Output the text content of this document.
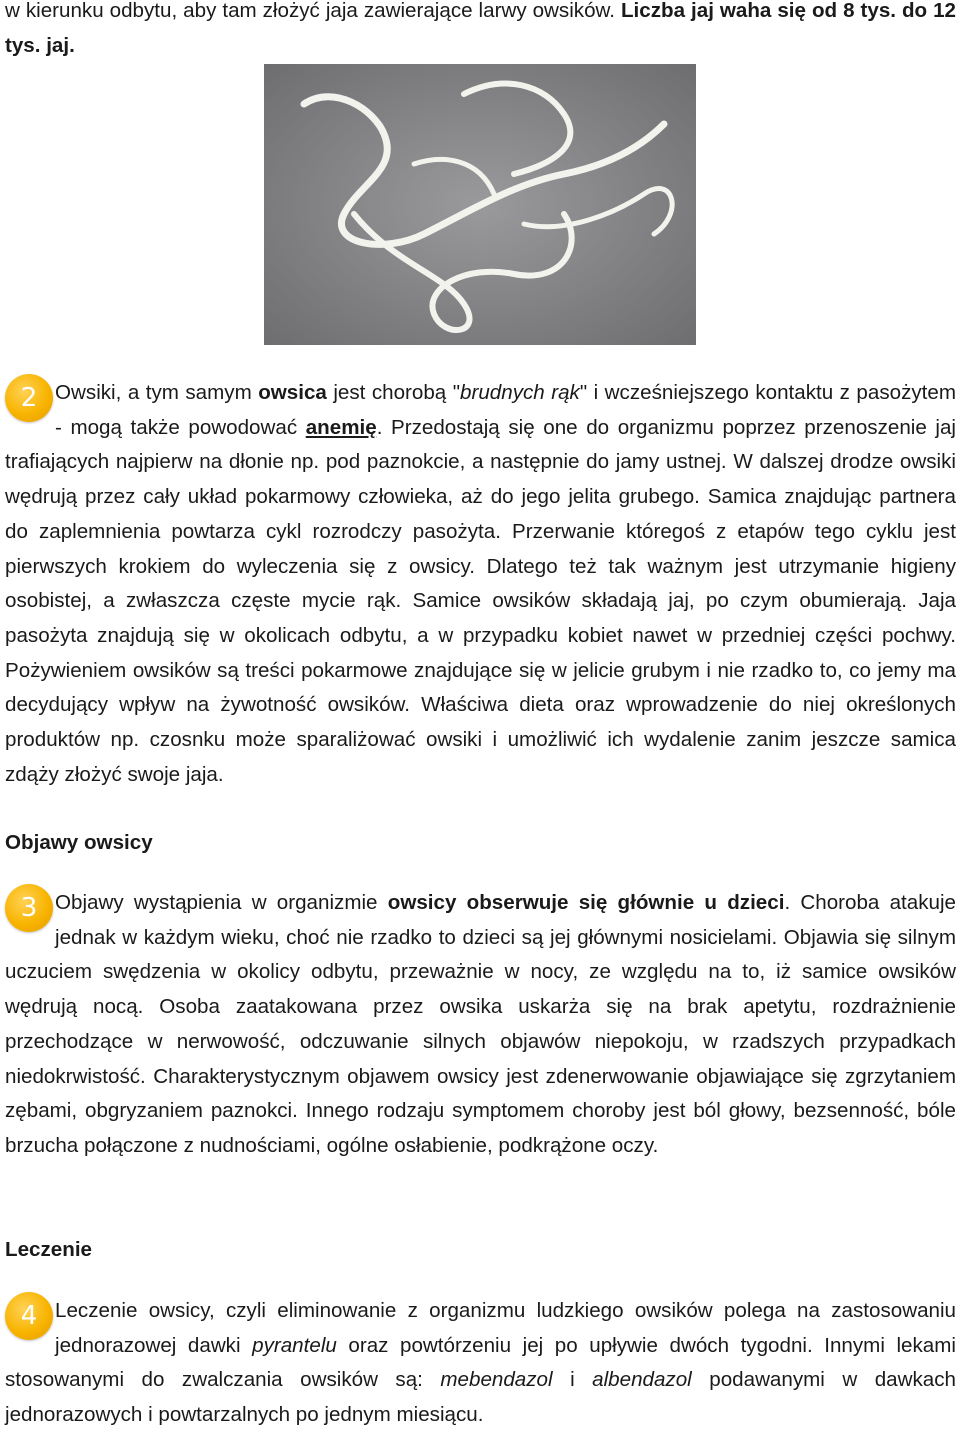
w kierunku odbytu, aby tam złożyć jaja zawierające larwy owsików. Liczba jaj waha się od 8 tys. do 12 tys. jaj.

2 Owsiki, a tym samym owsica jest chorobą "brudnych rąk" i wcześniejszego kontaktu z pasożytem - mogą także powodować anemię. Przedostają się one do organizmu poprzez przenoszenie jaj trafiających najpierw na dłonie np. pod paznokcie, a następnie do jamy ustnej. W dalszej drodze owsiki wędrują przez cały układ pokarmowy człowieka, aż do jego jelita grubego. Samica znajdując partnera do zaplemnienia powtarza cykl rozrodczy pasożyta. Przerwanie któregoś z etapów tego cyklu jest pierwszych krokiem do wyleczenia się z owsicy. Dlatego też tak ważnym jest utrzymanie higieny osobistej, a zwłaszcza częste mycie rąk. Samice owsików składają jaj, po czym obumierają. Jaja pasożyta znajdują się w okolicach odbytu, a w przypadku kobiet nawet w przedniej części pochwy. Pożywieniem owsików są treści pokarmowe znajdujące się w jelicie grubym i nie rzadko to, co jemy ma decydujący wpływ na żywotność owsików. Właściwa dieta oraz wprowadzenie do niej określonych produktów np. czosnku może sparaliżować owsiki i umożliwić ich wydalenie zanim jeszcze samica zdąży złożyć swoje jaja.

Objawy owsicy

3 Objawy wystąpienia w organizmie owsicy obserwuje się głównie u dzieci. Choroba atakuje jednak w każdym wieku, choć nie rzadko to dzieci są jej głównymi nosicielami. Objawia się silnym uczuciem swędzenia w okolicy odbytu, przeważnie w nocy, ze względu na to, iż samice owsików wędrują nocą. Osoba zaatakowana przez owsika uskarża się na brak apetytu, rozdrażnienie przechodzące w nerwowość, odczuwanie silnych objawów niepokoju, w rzadszych przypadkach niedokrwistość. Charakterystycznym objawem owsicy jest zdenerwowanie objawiające się zgrzytaniem zębami, obgryzaniem paznokci. Innego rodzaju symptomem choroby jest ból głowy, bezsenność, bóle brzucha połączone z nudnościami, ogólne osłabienie, podkrążone oczy.

Leczenie

4 Leczenie owsicy, czyli eliminowanie z organizmu ludzkiego owsików polega na zastosowaniu jednorazowej dawki pyrantelu oraz powtórzeniu jej po upływie dwóch tygodni. Innymi lekami stosowanymi do zwalczania owsików są: mebendazol i albendazol podawanymi w dawkach jednorazowych i powtarzalnych po jednym miesiącu.
